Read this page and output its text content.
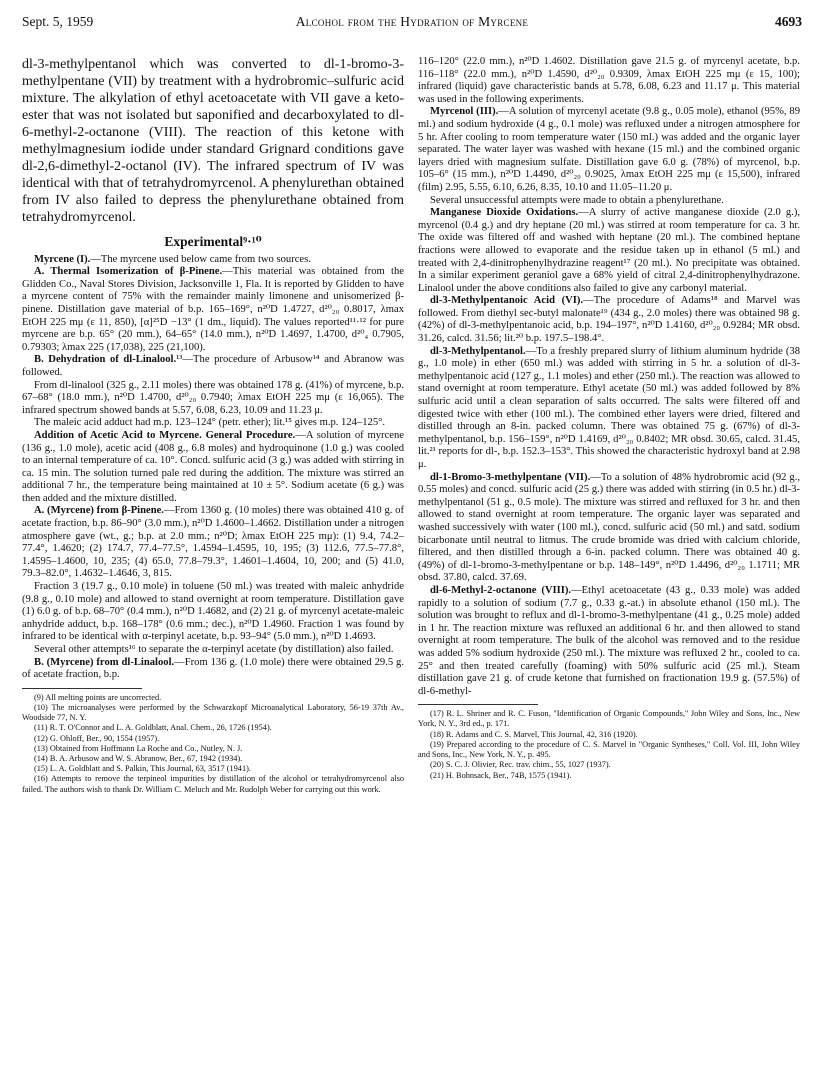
Sept. 5, 1959	Alcohol from the Hydration of Myrcene	4693

dl-3-methylpentanol which was converted to dl-1-bromo-3-methylpentane (VII) by treatment with a hydrobromic–sulfuric acid mixture. The alkylation of ethyl acetoacetate with VII gave a keto-ester that was not isolated but saponified and decarboxylated to dl-6-methyl-2-octanone (VIII). The reaction of this ketone with methylmagnesium iodide under standard Grignard conditions gave dl-2,6-dimethyl-2-octanol (IV). The infrared spectrum of IV was identical with that of tetrahydromyrcenol. A phenylurethan obtained from IV also failed to depress the phenylurethane obtained from tetrahydromyrcenol.

Experimental⁹·¹⁰

Myrcene (I).—The myrcene used below came from two sources.

A. Thermal Isomerization of β-Pinene.—This material was obtained from the Glidden Co., Naval Stores Division, Jacksonville 1, Fla. It is reported by Glidden to have a myrcene content of 75% with the remainder mainly limonene and unisomerized β-pinene. Distillation gave material of b.p. 165–169°, n²⁰D 1.4727, d²⁰₂₀ 0.8017, λmax EtOH 225 mμ (ε 11, 850), [α]²⁵D −13° (1 dm., liquid). The values reported¹¹·¹² for pure myrcene are b.p. 65° (20 mm.), 64–65° (14.0 mm.), n²⁰D 1.4697, 1.4700, d²⁰₄ 0.7905, 0.79303; λmax 225 (17,038), 225 (21,100).

B. Dehydration of dl-Linalool.¹³—The procedure of Arbusow¹⁴ and Abranow was followed.

From dl-linalool (325 g., 2.11 moles) there was obtained 178 g. (41%) of myrcene, b.p. 67–68° (18.0 mm.), n²⁰D 1.4700, d²⁰₂₀ 0.7940; λmax EtOH 225 mμ (ε 16,065). The infrared spectrum showed bands at 5.57, 6.08, 6.23, 10.09 and 11.23 μ.

The maleic acid adduct had m.p. 123–124° (petr. ether); lit.¹⁵ gives m.p. 124–125°.

Addition of Acetic Acid to Myrcene. General Procedure.—A solution of myrcene (136 g., 1.0 mole), acetic acid (408 g., 6.8 moles) and hydroquinone (1.0 g.) was cooled to an internal temperature of ca. 10°. Concd. sulfuric acid (3 g.) was added with stirring in ca. 15 min. The solution turned pale red during the addition. The mixture was stirred an additional 7 hr., the temperature being maintained at 10 ± 5°. Sodium acetate (6 g.) was then added and the mixture distilled.

A. (Myrcene) from β-Pinene.—From 1360 g. (10 moles) there was obtained 410 g. of acetate fraction, b.p. 86–90° (3.0 mm.), n²⁰D 1.4600–1.4662. Distillation under a nitrogen atmosphere gave (wt., g.; b.p. at 2.0 mm.; n²⁰D; λmax EtOH 225 mμ): (1) 9.4, 74.2–77.4°, 1.4620; (2) 174.7, 77.4–77.5°, 1.4594–1.4595, 10, 195; (3) 112.6, 77.5–77.8°, 1.4595–1.4600, 10, 235; (4) 65.0, 77.8–79.3°, 1.4601–1.4604, 10, 200; and (5) 41.0, 79.3–82.0°, 1.4632–1.4646, 3, 815.

Fraction 3 (19.7 g., 0.10 mole) in toluene (50 ml.) was treated with maleic anhydride (9.8 g., 0.10 mole) and allowed to stand overnight at room temperature. Distillation gave (1) 6.0 g. of b.p. 68–70° (0.4 mm.), n²⁰D 1.4682, and (2) 21 g. of myrcenyl acetate-maleic anhydride adduct, b.p. 168–178° (0.6 mm.; dec.), n²⁰D 1.4960. Fraction 1 was found by infrared to be identical with α-terpinyl acetate, b.p. 93–94° (5.0 mm.), n²⁰D 1.4693.

Several other attempts¹⁶ to separate the α-terpinyl acetate (by distillation) also failed.

B. (Myrcene) from dl-Linalool.—From 136 g. (1.0 mole) there were obtained 29.5 g. of acetate fraction, b.p.

(9) All melting points are uncorrected.

(10) The microanalyses were performed by the Schwarzkopf Microanalytical Laboratory, 56-19 37th Av., Woodside 77, N. Y.

(11) R. T. O'Connor and L. A. Goldblatt, Anal. Chem., 26, 1726 (1954).

(12) G. Ohloff, Ber., 90, 1554 (1957).

(13) Obtained from Hoffmann La Roche and Co., Nutley, N. J.

(14) B. A. Arbusow and W. S. Abranow, Ber., 67, 1942 (1934).

(15) L. A. Goldblatt and S. Palkin, This Journal, 63, 3517 (1941).

(16) Attempts to remove the terpineol impurities by distillation of the alcohol or tetrahydromyrcenol also failed. The authors wish to thank Dr. William C. Meluch and Mr. Rudolph Weber for carrying out this work.

116–120° (22.0 mm.), n²⁰D 1.4602. Distillation gave 21.5 g. of myrcenyl acetate, b.p. 116–118° (22.0 mm.), n²⁰D 1.4590, d²⁰₂₀ 0.9309, λmax EtOH 225 mμ (ε 15, 100); infrared (liquid) gave characteristic bands at 5.78, 6.08, 6.23 and 11.17 μ. This material was used in the following experiments.

Myrcenol (III).—A solution of myrcenyl acetate (9.8 g., 0.05 mole), ethanol (95%, 89 ml.) and sodium hydroxide (4 g., 0.1 mole) was refluxed under a nitrogen atmosphere for 5 hr. After cooling to room temperature water (150 ml.) was added and the organic layer separated. The water layer was washed with hexane (15 ml.) and the combined organic layers dried with magnesium sulfate. Distillation gave 6.0 g. (78%) of myrcenol, b.p. 105–6° (15 mm.), n²⁰D 1.4490, d²⁰₂₀ 0.9025, λmax EtOH 225 mμ (ε 15,500), infrared (film) 2.95, 5.55, 6.10, 6.26, 8.35, 10.10 and 11.05–11.20 μ.

Several unsuccessful attempts were made to obtain a phenylurethane.

Manganese Dioxide Oxidations.—A slurry of active manganese dioxide (2.0 g.), myrcenol (0.4 g.) and dry heptane (20 ml.) was stirred at room temperature for ca. 3 hr. The oxide was filtered off and washed with heptane (20 ml.). The combined heptane fractions were allowed to evaporate and the residue taken up in ethanol (5 ml.) and treated with 2,4-dinitrophenylhydrazine reagent¹⁷ (20 ml.). No precipitate was obtained. In a similar experiment geraniol gave a 68% yield of citral 2,4-dinitrophenylhydrazone. Linalool under the above conditions also failed to give any carbonyl material.

dl-3-Methylpentanoic Acid (VI).—The procedure of Adams¹⁸ and Marvel was followed. From diethyl sec-butyl malonate¹⁹ (434 g., 2.0 moles) there was obtained 98 g. (42%) of dl-3-methylpentanoic acid, b.p. 194–197°, n²⁰D 1.4160, d²⁰₂₀ 0.9284; MR obsd. 31.26, calcd. 31.56; lit.²⁰ b.p. 197.5–198.4°.

dl-3-Methylpentanol.—To a freshly prepared slurry of lithium aluminum hydride (38 g., 1.0 mole) in ether (650 ml.) was added with stirring in 5 hr. a solution of dl-3-methylpentanoic acid (127 g., 1.1 moles) and ether (250 ml.). The reaction was allowed to stand overnight at room temperature. Ethyl acetate (50 ml.) was added followed by 8% sulfuric acid until a clean separation of salts occurred. The salts were filtered off and digested twice with ether (100 ml.). The combined ether layers were dried, filtered and distilled through an 8-in. packed column. There was obtained 75 g. (67%) of dl-3-methylpentanol, b.p. 156–159°, n²⁰D 1.4169, d²⁰₂₀ 0.8402; MR obsd. 30.65, calcd. 31.45, lit.²¹ reports for dl-, b.p. 152.3–153°. This showed the characteristic hydroxyl band at 2.98 μ.

dl-1-Bromo-3-methylpentane (VII).—To a solution of 48% hydrobromic acid (92 g., 0.55 moles) and concd. sulfuric acid (25 g.) there was added with stirring (in 0.5 hr.) dl-3-methylpentanol (51 g., 0.5 mole). The mixture was stirred and refluxed for 3 hr. and then allowed to stand overnight at room temperature. The organic layer was separated and washed successively with water (100 ml.), concd. sulfuric acid (50 ml.) and satd. sodium bicarbonate until neutral to litmus. The crude bromide was dried with calcium chloride, filtered, and then distilled through a 6-in. packed column. There was obtained 40 g. (49%) of dl-1-bromo-3-methylpentane or b.p. 148–149°, n²⁰D 1.4496, d²⁰₂₀ 1.1711; MR obsd. 37.80, calcd. 37.69.

dl-6-Methyl-2-octanone (VIII).—Ethyl acetoacetate (43 g., 0.33 mole) was added rapidly to a solution of sodium (7.7 g., 0.33 g.-at.) in absolute ethanol (150 ml.). The solution was brought to reflux and dl-1-bromo-3-methylpentane (41 g., 0.25 mole) added in 1 hr. The reaction mixture was refluxed an additional 6 hr. and then allowed to stand overnight at room temperature. The bulk of the alcohol was removed and to the residue was added 5% sodium hydroxide (250 ml.). The mixture was refluxed 2 hr., cooled to ca. 25° and then treated carefully (foaming) with 50% sulfuric acid (25 ml.). Steam distillation gave 21 g. of crude ketone that furnished on fractionation 19.9 g. (57.5%) of dl-6-methyl-

(17) R. L. Shriner and R. C. Fuson, "Identification of Organic Compounds," John Wiley and Sons, Inc., New York, N. Y., 3rd ed., p. 171.

(18) R. Adams and C. S. Marvel, This Journal, 42, 316 (1920).

(19) Prepared according to the procedure of C. S. Marvel in "Organic Syntheses," Coll. Vol. III, John Wiley and Sons, Inc., New York, N. Y., p. 495.

(20) S. C. J. Olivier, Rec. trav. chim., 55, 1027 (1937).

(21) H. Bohnsack, Ber., 74B, 1575 (1941).
